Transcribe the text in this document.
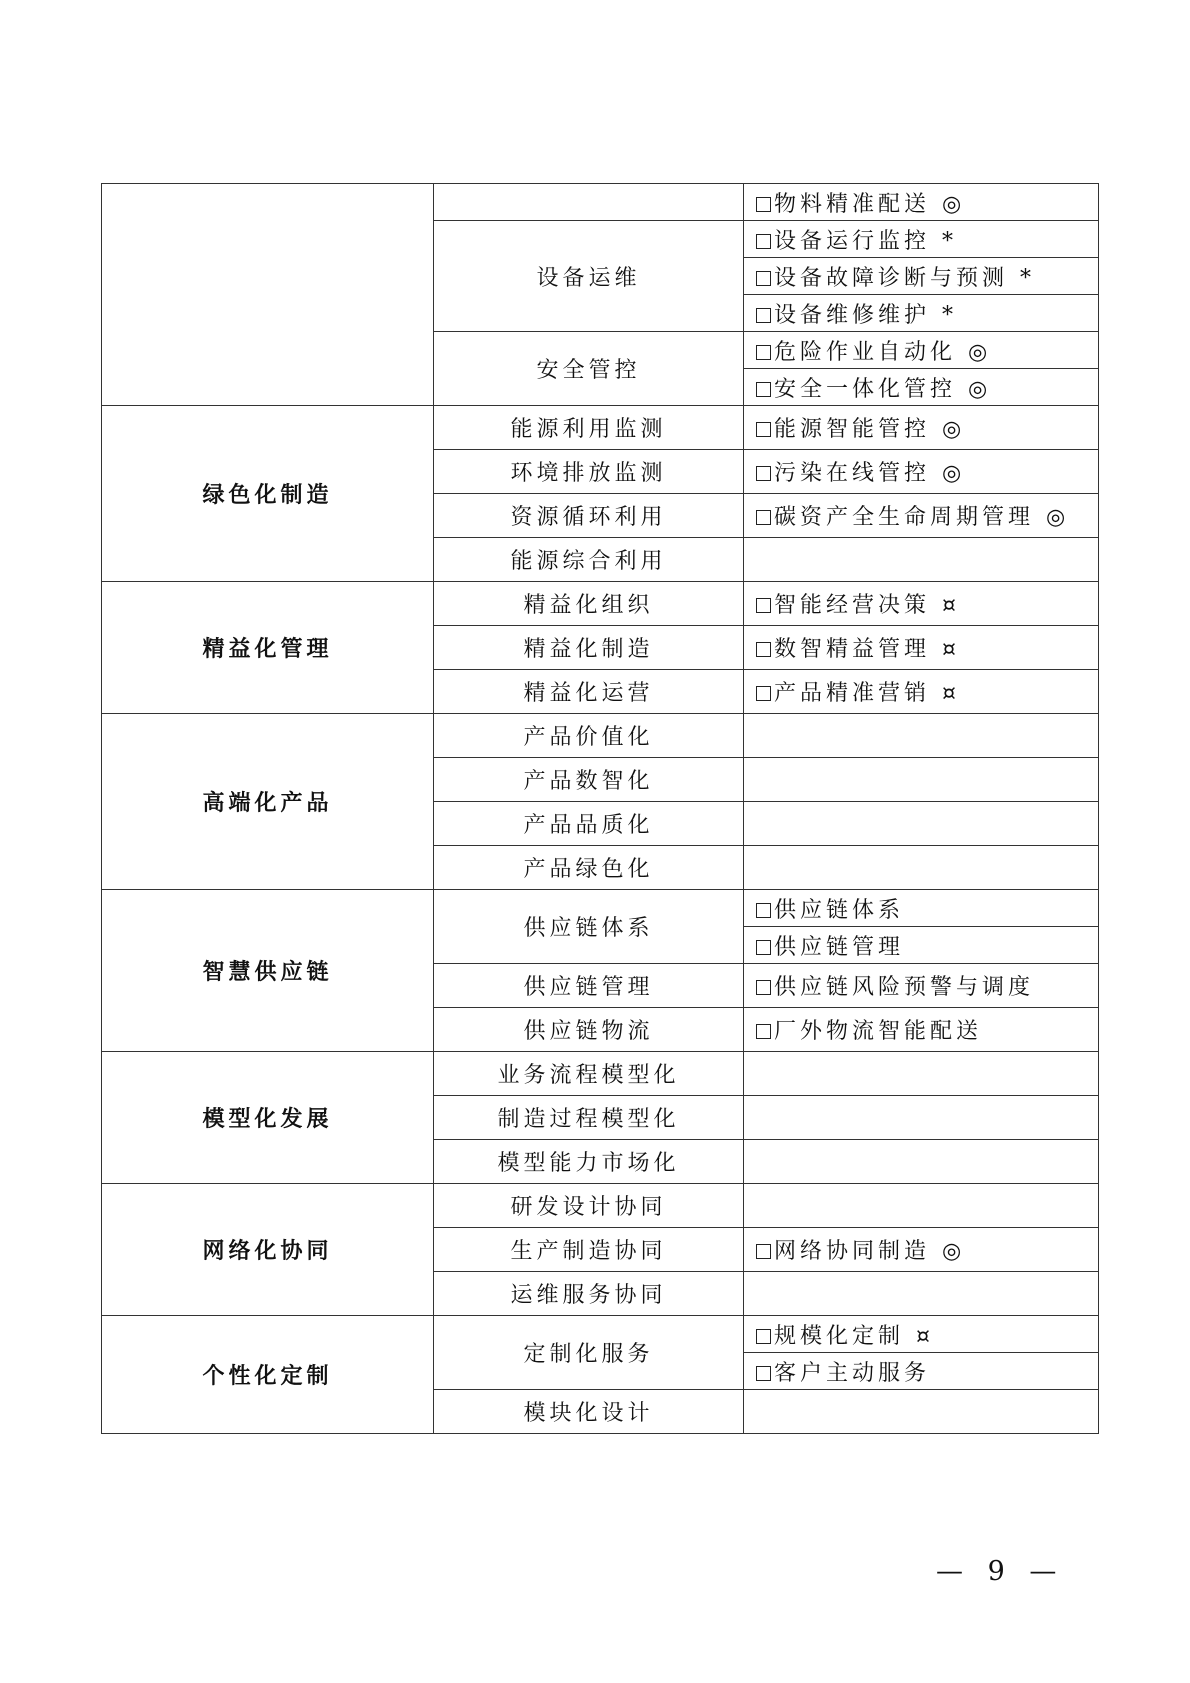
		物料精准配送 ◎
	设备运维	设备运行监控 *
		设备故障诊断与预测 *
		设备维修维护 *
	安全管控	危险作业自动化 ◎
		安全一体化管控 ◎
绿色化制造	能源利用监测	能源智能管控 ◎
	环境排放监测	污染在线管控 ◎
	资源循环利用	碳资产全生命周期管理 ◎
	能源综合利用	
精益化管理	精益化组织	智能经营决策 ¤
	精益化制造	数智精益管理 ¤
	精益化运营	产品精准营销 ¤
高端化产品	产品价值化	
	产品数智化	
	产品品质化	
	产品绿色化	
智慧供应链	供应链体系	供应链体系
		供应链管理
	供应链管理	供应链风险预警与调度
	供应链物流	厂外物流智能配送
模型化发展	业务流程模型化	
	制造过程模型化	
	模型能力市场化	
网络化协同	研发设计协同	
	生产制造协同	网络协同制造 ◎
	运维服务协同	
个性化定制	定制化服务	规模化定制 ¤
		客户主动服务
	模块化设计	
— 9 —
